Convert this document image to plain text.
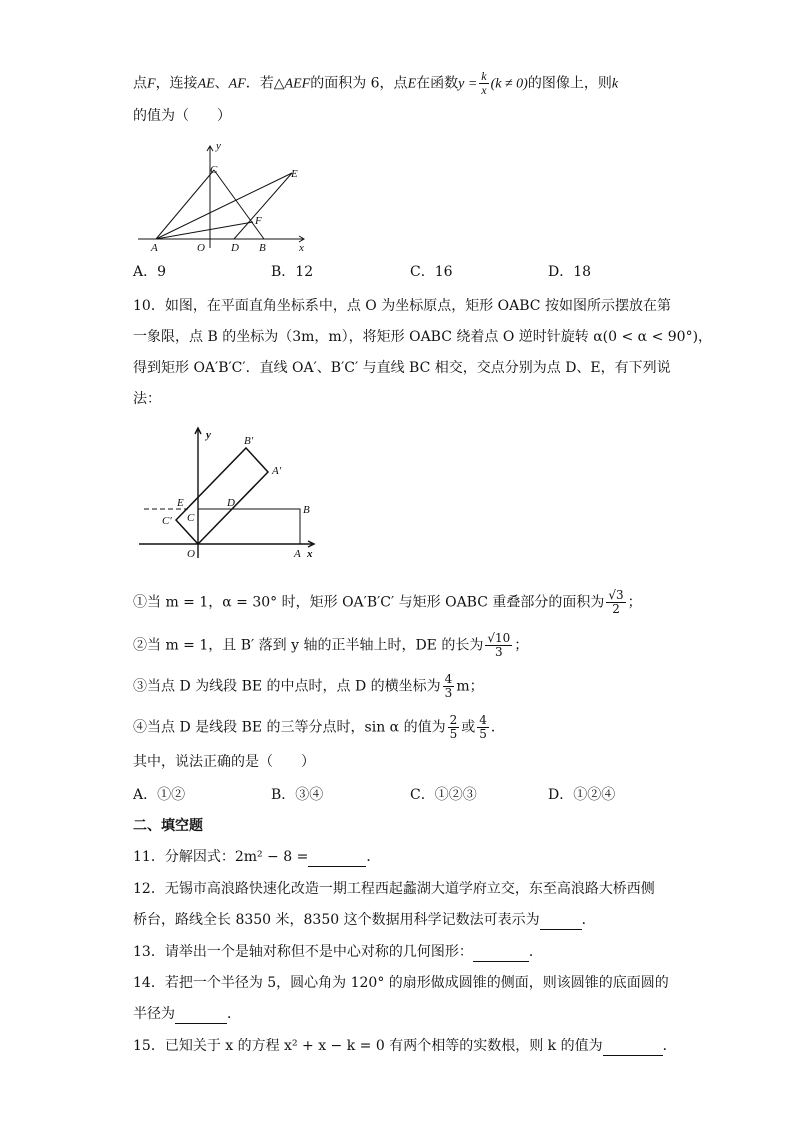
点F，连接AE、AF．若△AEF的面积为 6，点E在函数$y = \frac{k}{x} (k \ne 0)$的图像上，则k
的值为（　　）
y
C	E
F
A	O D B	x
A．9	B．12	C．16	D．18
10．如图，在平面直角坐标系中，点 O 为坐标原点，矩形 OABC 按如图所示摆放在第
一象限，点 B 的坐标为（3m，m），将矩形 OABC 绕着点 O 逆时针旋转 α(0 < α < 90°)，
得到矩形 OA′B′C′．直线 OA′、B′C′ 与直线 BC 相交，交点分别为点 D、E，有下列说
法：
y	B′
A′
E	D
C′ C
B
O	A x
①当 m = 1，α = 30° 时，矩形 OA′B′C′ 与矩形 OABC 重叠部分的面积为 $\frac{√3}{2}$ ；
②当 m = 1，且 B′ 落到 y 轴的正半轴上时，DE 的长为 $\frac{√10}{3}$ ；
③当点 D 为线段 BE 的中点时，点 D 的横坐标为 $\frac{4}{3}$ m；
④当点 D 是线段 BE 的三等分点时，sin α 的值为 $\frac{2}{5}$ 或 $\frac{4}{5}$ ．
其中，说法正确的是（　　）
A．①②	B．③④	C．①②③	D．①②④
二、填空题
11．分解因式：2m² − 8 =	．
12．无锡市高浪路快速化改造一期工程西起蠡湖大道学府立交，东至高浪路大桥西侧
桥台，路线全长 8350 米，8350 这个数据用科学记数法可表示为	．
13．请举出一个是轴对称但不是中心对称的几何图形：	．
14．若把一个半径为 5，圆心角为 120° 的扇形做成圆锥的侧面，则该圆锥的底面圆的
半径为	．
15．已知关于 x 的方程 x² + x − k = 0 有两个相等的实数根，则 k 的值为	．
